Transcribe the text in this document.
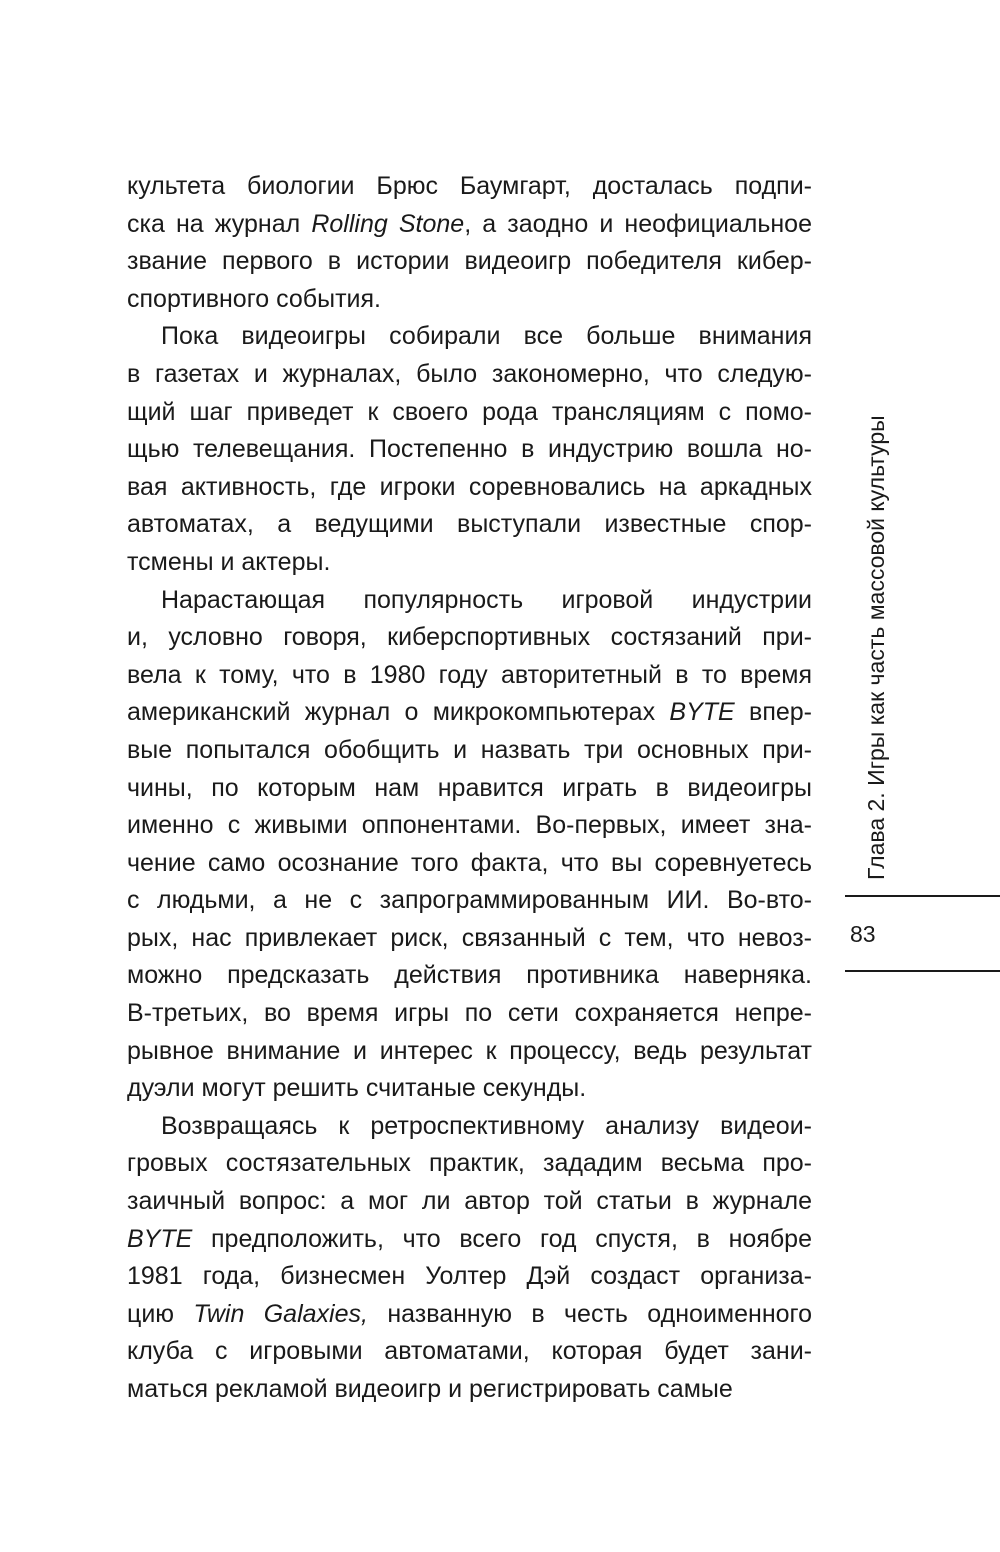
культета биологии Брюс Баумгарт, досталась подпи-
ска на журнал Rolling Stone, а заодно и неофициальное
звание первого в истории видеоигр победителя кибер-
спортивного события.
Пока видеоигры собирали все больше внимания
в газетах и журналах, было закономерно, что следую-
щий шаг приведет к своего рода трансляциям с помо-
щью телевещания. Постепенно в индустрию вошла но-
вая активность, где игроки соревновались на аркадных
автоматах, а ведущими выступали известные спор-
тсмены и актеры.
Нарастающая популярность игровой индустрии
и, условно говоря, киберспортивных состязаний при-
вела к тому, что в 1980 году авторитетный в то время
американский журнал о микрокомпьютерах BYTE впер-
вые попытался обобщить и назвать три основных при-
чины, по которым нам нравится играть в видеоигры
именно с живыми оппонентами. Во-первых, имеет зна-
чение само осознание того факта, что вы соревнуетесь
с людьми, а не с запрограммированным ИИ. Во-вто-
рых, нас привлекает риск, связанный с тем, что невоз-
можно предсказать действия противника наверняка.
В-третьих, во время игры по сети сохраняется непре-
рывное внимание и интерес к процессу, ведь результат
дуэли могут решить считаные секунды.
Возвращаясь к ретроспективному анализу видеои-
гровых состязательных практик, зададим весьма про-
заичный вопрос: а мог ли автор той статьи в журнале
BYTE предположить, что всего год спустя, в ноябре
1981 года, бизнесмен Уолтер Дэй создаст организа-
цию Twin Galaxies, названную в честь одноименного
клуба с игровыми автоматами, которая будет зани-
маться рекламой видеоигр и регистрировать самые
Глава 2. Игры как часть массовой культуры
83
